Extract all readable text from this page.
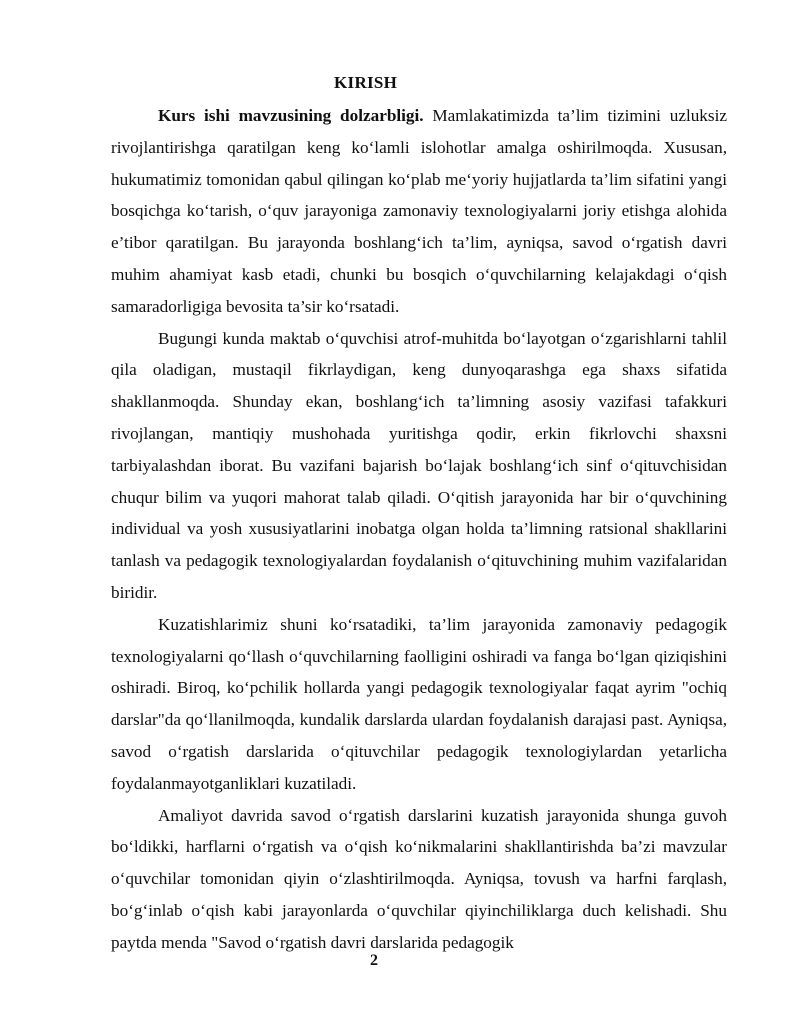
KIRISH

Kurs ishi mavzusining dolzarbligi. Mamlakatimizda ta’lim tizimini uzluksiz rivojlantirishga qaratilgan keng ko‘lamli islohotlar amalga oshirilmoqda. Xususan, hukumatimiz tomonidan qabul qilingan ko‘plab me‘yoriy hujjatlarda ta’lim sifatini yangi bosqichga ko‘tarish, o‘quv jarayoniga zamonaviy texnologiyalarni joriy etishga alohida e’tibor qaratilgan. Bu jarayonda boshlang‘ich ta’lim, ayniqsa, savod o‘rgatish davri muhim ahamiyat kasb etadi, chunki bu bosqich o‘quvchilarning kelajakdagi o‘qish samaradorligiga bevosita ta’sir ko‘rsatadi.

Bugungi kunda maktab o‘quvchisi atrof-muhitda bo‘layotgan o‘zgarishlarni tahlil qila oladigan, mustaqil fikrlaydigan, keng dunyoqarashga ega shaxs sifatida shakllanmoqda. Shunday ekan, boshlang‘ich ta’limning asosiy vazifasi tafakkuri rivojlangan, mantiqiy mushohada yuritishga qodir, erkin fikrlovchi shaxsni tarbiyalashdan iborat. Bu vazifani bajarish bo‘lajak boshlang‘ich sinf o‘qituvchisidan chuqur bilim va yuqori mahorat talab qiladi. O‘qitish jarayonida har bir o‘quvchining individual va yosh xususiyatlarini inobatga olgan holda ta’limning ratsional shakllarini tanlash va pedagogik texnologiyalardan foydalanish o‘qituvchining muhim vazifalaridan biridir.

Kuzatishlarimiz shuni ko‘rsatadiki, ta’lim jarayonida zamonaviy pedagogik texnologiyalarni qo‘llash o‘quvchilarning faolligini oshiradi va fanga bo‘lgan qiziqishini oshiradi. Biroq, ko‘pchilik hollarda yangi pedagogik texnologiyalar faqat ayrim "ochiq darslar"da qo‘llanilmoqda, kundalik darslarda ulardan foydalanish darajasi past. Ayniqsa, savod o‘rgatish darslarida o‘qituvchilar pedagogik texnologiylardan yetarlicha foydalanmayotganliklari kuzatiladi.

Amaliyot davrida savod o‘rgatish darslarini kuzatish jarayonida shunga guvoh bo‘ldikki, harflarni o‘rgatish va o‘qish ko‘nikmalarini shakllantirishda ba’zi mavzular o‘quvchilar tomonidan qiyin o‘zlashtirilmoqda. Ayniqsa, tovush va harfni farqlash, bo‘g‘inlab o‘qish kabi jarayonlarda o‘quvchilar qiyinchiliklarga duch kelishadi. Shu paytda menda "Savod o‘rgatish davri darslarida pedagogik

2
